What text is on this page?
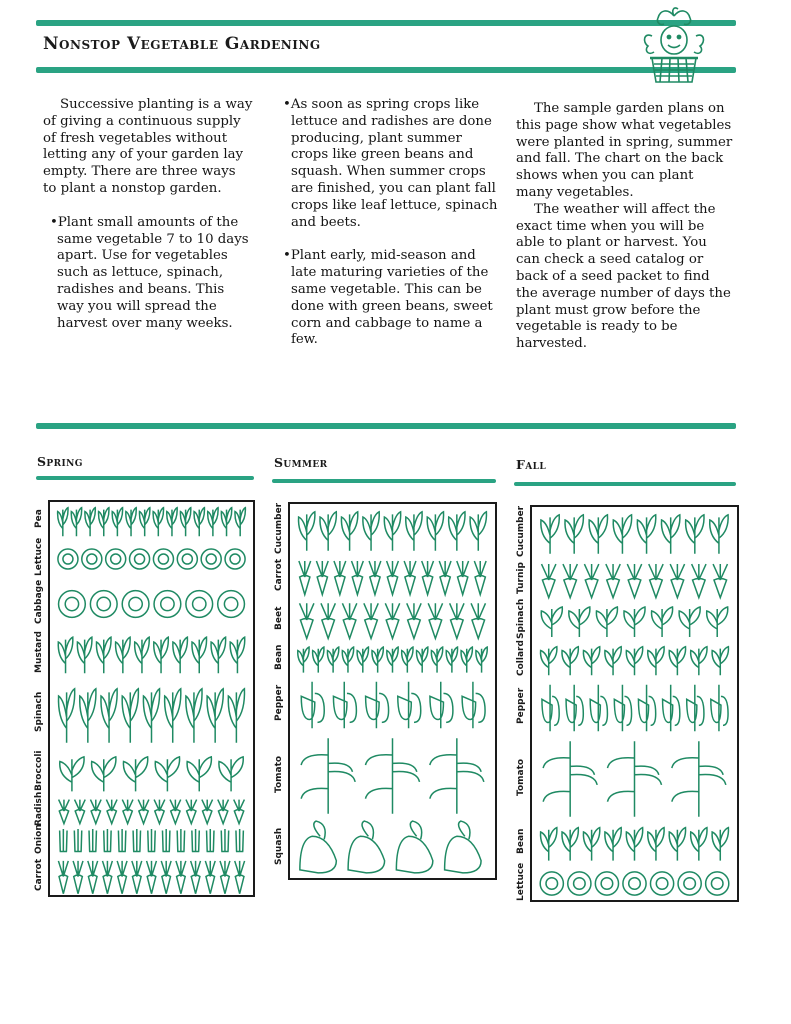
Nonstop Vegetable Gardening

Successive planting is a way of giving a continuous supply of fresh vegetables without letting any of your garden lay empty. There are three ways to plant a nonstop garden.

•Plant small amounts of the same vegetable 7 to 10 days apart. Use for vegetables such as lettuce, spinach, radishes and beans. This way you will spread the harvest over many weeks.

•As soon as spring crops like lettuce and radishes are done producing, plant summer crops like green beans and squash. When summer crops are finished, you can plant fall crops like leaf lettuce, spinach and beets.

•Plant early, mid-season and late maturing varieties of the same vegetable. This can be done with green beans, sweet corn and cabbage to name a few.

The sample garden plans on this page show what vegetables were planted in spring, summer and fall. The chart on the back shows when you can plant many vegetables.

The weather will affect the exact time when you will be able to plant or harvest. You can check a seed catalog or back of a seed packet to find the average number of days the plant must grow before the vegetable is ready to be harvested.

Spring	Summer	Fall
Pea
Lettuce
Cabbage
Mustard
Spinach
Broccoli
Radish
Onion
Carrot
Cucumber
Carrot
Beet
Bean
Pepper
Tomato
Squash
Cucumber
Turnip
Spinach
Collard
Pepper
Tomato
Bean
Lettuce
